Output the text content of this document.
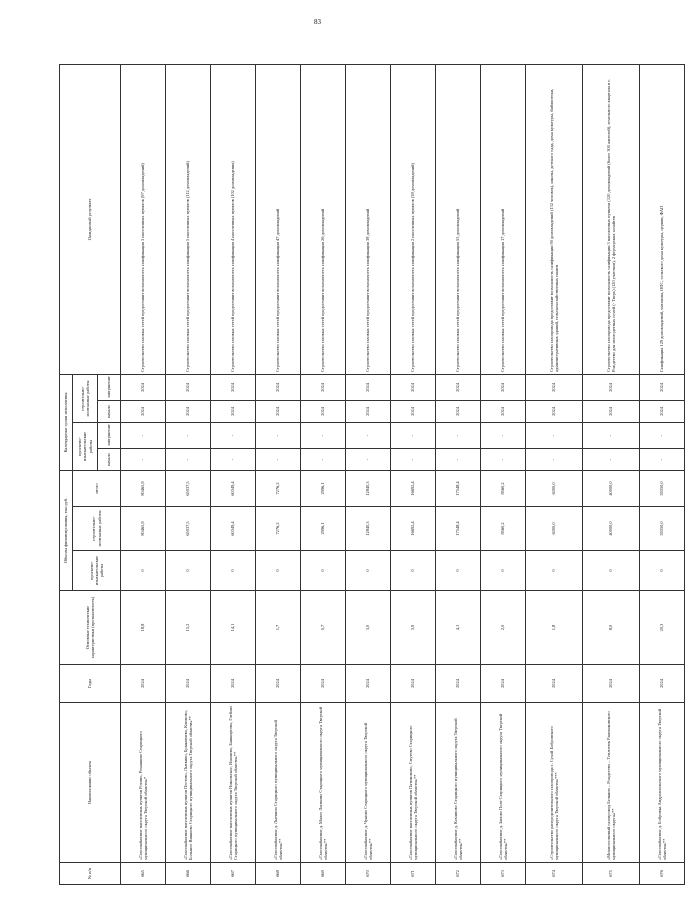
83
№ п/п	Наименование объекта	Годы	Основные технические характеристики (протяженность)	Объемы финансирования, тыс.руб.			Календарные сроки исполнения				Ожидаемый результат
				проектно-изыскательские работы	строительно-монтажные работы	итого	проектно-изыскательские работы		строительно-монтажные работы		
							начало	завершение	начало	завершение	
665	«Газоснабжение населенных пунктов Ротино, Ромашино Старицкого муниципального округа Тверской области»*	2024	18,8	0	80465,9	80465,9	-	-	2024	2024	Строительство газовых сетей предоставит возможность газификации 3 населенных пунктов (97 домовладений)
666	«Газоснабжение населенных пунктов Пестово, Лыткино, Брыкатиево, Климово, Большое Вишнево Старицкого муниципального округа Тверской области»**	2024	15,2	0	65037,5	65037,5	-	-	2024	2024	Строительство газовых сетей предоставит возможность газификации 5 населенных пунктов (112 домовладений)
667	«Газоснабжение населенных пунктов Никольское, Вошнево, Башкиртово, Глебово Старицкого муниципального округа Тверской области»**	2024	14,1	0	60349,4	60349,4	-	-	2024	2024	Строительство газовых сетей предоставит возможность газификации 4 населенных пунктов (102 домовладения)
668	«Газоснабжение д. Лыткино Старицкого муниципального округа Тверской области»**	2024	1,7	0	7276,2	7276,2	-	-	2024	2024	Строительство газовых сетей предоставит возможность газификации 47 домовладений
669	«Газоснабжение д. Малое Лыткино Старицкого муниципального округа Тверской области»**	2024	0,7	0	2996,1	2996,1	-	-	2024	2024	Строительство газовых сетей предоставит возможность газификации 26 домовладений
670	«Газоснабжение д. Чукино Старицкого муниципального округа Тверской области»**	2024	3,0	0	12840,3	12840,3	-	-	2024	2024	Строительство газовых сетей предоставит возможность газификации 38 домовладений
671	«Газоснабжение населенных пунктов Пятиконово, Смутево Старицкого муниципального округа Тверской области»**	2024	3,9	0	16692,4	16692,4	-	-	2024	2024	Строительство газовых сетей предоставит возможность газификации 2 населенных пунктов (38 домовладений)
672	«Газоснабжение д. Коминово Старицкого муниципального округа Тверской области»**	2024	4,1	0	17548,4	17548,4	-	-	2024	2024	Строительство газовых сетей предоставит возможность газификации 55 домовладений
673	«Газоснабжение д. Заново Поле Старицкого муниципального округа Тверской области»**	2024	2,0	0	8560,2	8560,2	-	-	2024	2024	Строительство газовых сетей предоставит возможность газификации 17 домовладений
674	«Строительство распределительного газопровода с. Сухой Бобровского муниципального округа Тверской области»***	2024	1,8	0	6300,0	6300,0	-	-	2024	2024	Строительство газопровода предоставит возможность газификации 90 домовладений (132 человек), школы, детского сада, дома культуры, библиотеки, административных зданий, сельскохозяйственных пашен
675	«Межпоселковый газопровод Белкино – Рождество – Теплотюк Рамешковского муниципального округа»**	2024	8,0	0	40000,0	40000,0	-	-	2024	2024	Строительство газопровода предоставит возможность газификации 3 населенных пунктов (120 домовладений (более 300 жителей), земельного квартала в с. Рождество для многодетных семей (- Тверь) (120 участков), 2 фермерских хозяйств
676	«Газоснабжение д. Бобровка Андреапольского муниципального округа Тверской области»**	2024	20,3	0	59350,0	59350,0	-	-	2024	2024	Газификация 129 домовладений, магазина, ОПС, сельского дома культуры, церкви, ФАП
